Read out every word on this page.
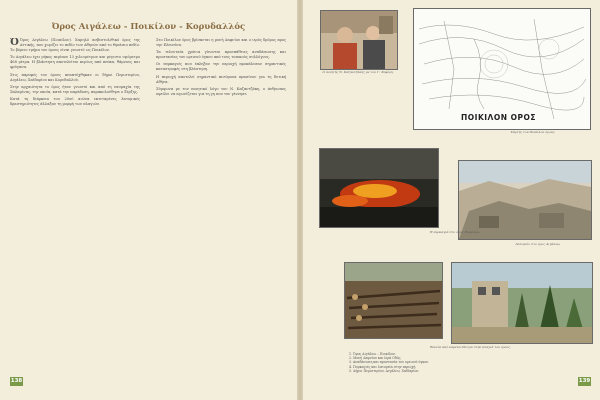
Όρος Αιγάλεω - Ποικίλον - Κορυδαλλός

Ό Όρος Αιγάλεω (Ποικίλον). Χαμηλό ασβεστολιθικό όρος της Αττικής, που χωρίζει το πεδίο των Αθηνών από το Θριάσιο πεδίο. Το βόρειο τμήμα του όρους είναι γνωστό ως Ποικίλον.

Το Αιγάλεω έχει μήκος περίπου 13 χιλιομέτρων και μέγιστο υψόμετρο 468 μέτρα. Η βλάστηση αποτελείται κυρίως από πεύκα, θάμνους και φρύγανα.

Στις παρυφές του όρους αναπτύχθηκαν οι δήμοι Περιστερίου, Αιγάλεω, Χαϊδαρίου και Κορυδαλλού.

Στην αρχαιότητα το όρος ήταν γνωστό και από τη ναυμαχία της Σαλαμίνας, την οποία, κατά την παράδοση, παρακολούθησε ο Ξέρξης.

Κατά τη διάρκεια του 20ού αιώνα εκτεταμένες λατομικές δραστηριότητες άλλαξαν τη μορφή των πλαγιών.

Στο Ποικίλον όρος βρίσκεται η μονή Δαφνίου και ο ιερός δρόμος προς την Ελευσίνα.

Τα τελευταία χρόνια γίνονται προσπάθειες αναδάσωσης και προστασίας του ορεινού όγκου από τους τοπικούς συλλόγους.

Οι πυρκαγιές που έπληξαν την περιοχή προκάλεσαν σημαντικές καταστροφές στη βλάστηση.

Η περιοχή αποτελεί σημαντικό πνεύμονα πρασίνου για τη δυτική Αθήνα.

Σύμφωνα με τον ποιητικό λόγο του Ν. Καζαντζάκη, ο άνθρωπος οφείλει να αγωνίζεται για τη γη που τον γέννησε.

138
Ο ποιητής Ν. Καζαντζάκης με τον Γ. Σεφέρη.
ΠΟΙΚΙΛΟΝ ΟΡΟΣ
Χάρτης του Ποικίλου όρους.
Η πυρκαγιά στο όρος Ποικίλον.
Λατομείο στο όρος Αιγάλεω.
Ξυλεία από καμένα δέντρα στην πλαγιά του όρους.
139
1. Όρος Αιγάλεω – Ποικίλον.
2. Μονή Δαφνίου και Ιερά Οδός.
3. Αναδάσωση και προστασία του ορεινού όγκου.
4. Πυρκαγιές και λατομεία στην περιοχή.
5. Δήμοι Περιστερίου, Αιγάλεω, Χαϊδαρίου.
